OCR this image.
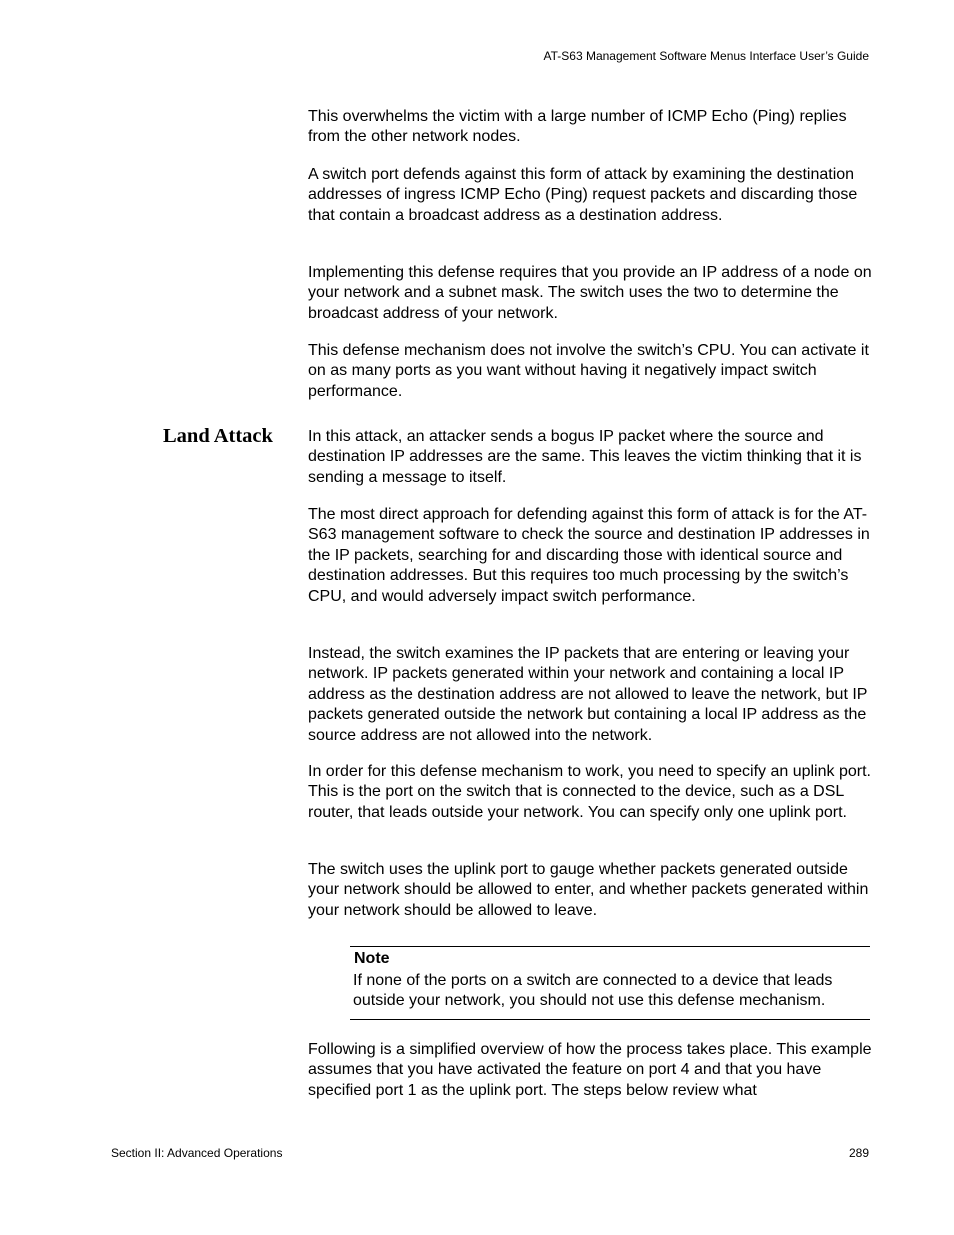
AT-S63 Management Software Menus Interface User’s Guide

This overwhelms the victim with a large number of ICMP Echo (Ping) replies from the other network nodes.

A switch port defends against this form of attack by examining the destination addresses of ingress ICMP Echo (Ping) request packets and discarding those that contain a broadcast address as a destination address.

Implementing this defense requires that you provide an IP address of a node on your network and a subnet mask. The switch uses the two to determine the broadcast address of your network.

This defense mechanism does not involve the switch’s CPU. You can activate it on as many ports as you want without having it negatively impact switch performance.

Land Attack In this attack, an attacker sends a bogus IP packet where the source and destination IP addresses are the same. This leaves the victim thinking that it is sending a message to itself.

The most direct approach for defending against this form of attack is for the AT-S63 management software to check the source and destination IP addresses in the IP packets, searching for and discarding those with identical source and destination addresses. But this requires too much processing by the switch’s CPU, and would adversely impact switch performance.

Instead, the switch examines the IP packets that are entering or leaving your network. IP packets generated within your network and containing a local IP address as the destination address are not allowed to leave the network, but IP packets generated outside the network but containing a local IP address as the source address are not allowed into the network.

In order for this defense mechanism to work, you need to specify an uplink port. This is the port on the switch that is connected to the device, such as a DSL router, that leads outside your network. You can specify only one uplink port.

The switch uses the uplink port to gauge whether packets generated outside your network should be allowed to enter, and whether packets generated within your network should be allowed to leave.

Note

If none of the ports on a switch are connected to a device that leads outside your network, you should not use this defense mechanism.

Following is a simplified overview of how the process takes place. This example assumes that you have activated the feature on port 4 and that you have specified port 1 as the uplink port. The steps below review what

Section II: Advanced Operations	289
